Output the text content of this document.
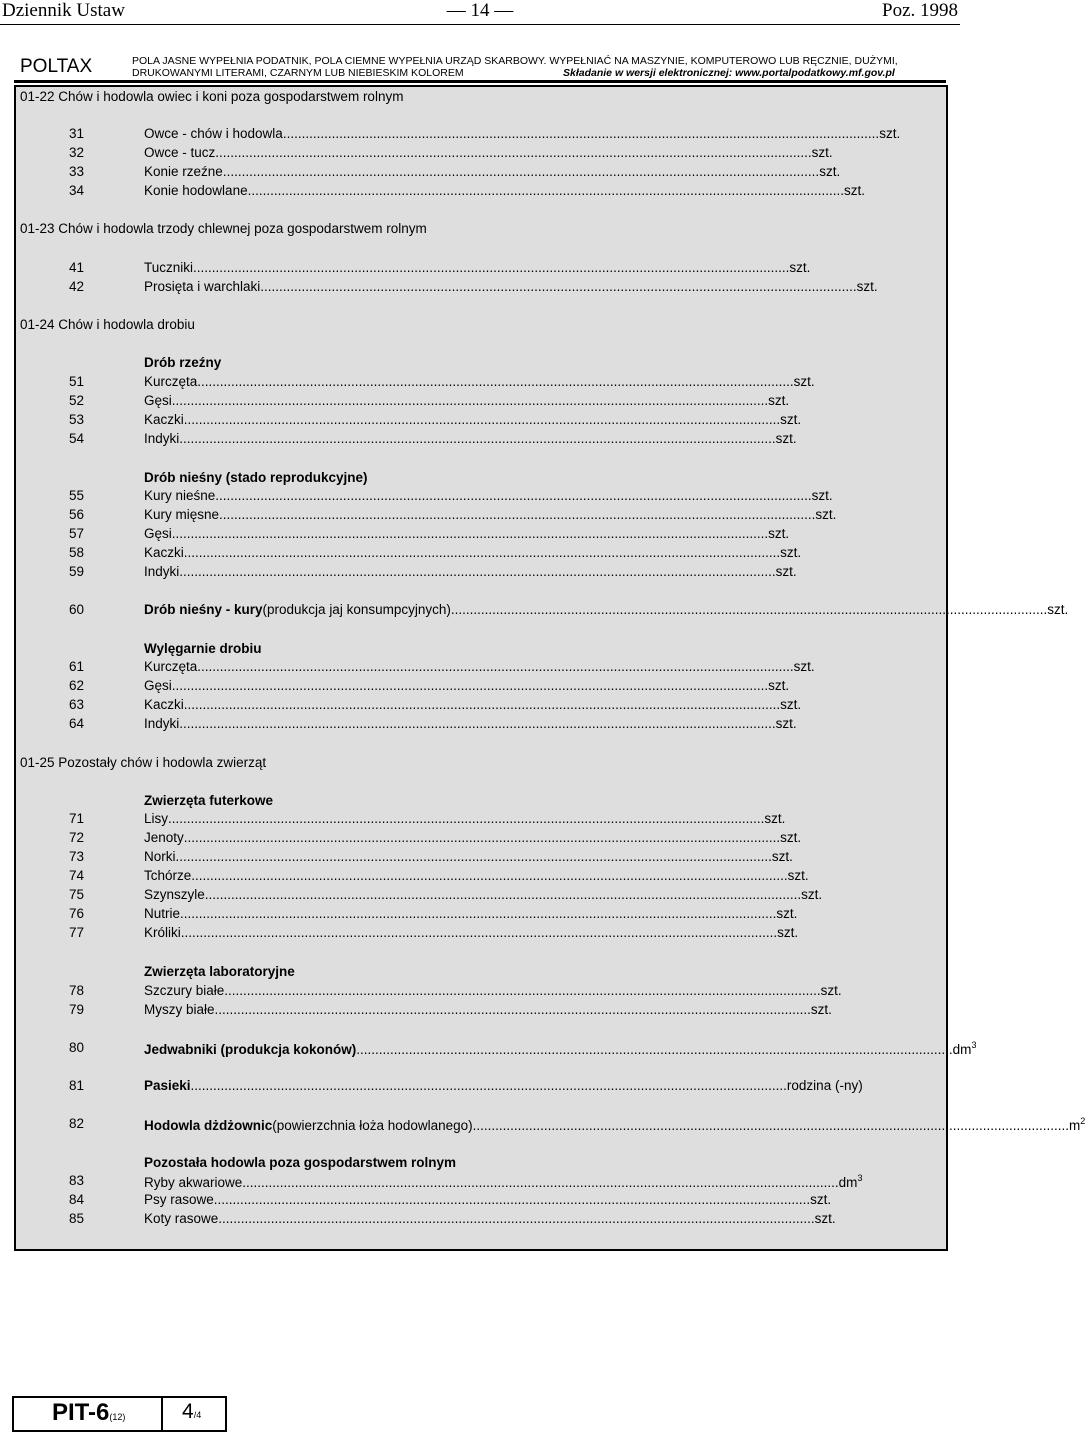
Dziennik Ustaw	— 14 —	Poz. 1998
POLTAX	POLA JASNE WYPEŁNIA PODATNIK, POLA CIEMNE WYPEŁNIA URZĄD SKARBOWY. WYPEŁNIAĆ NA MASZYNIE, KOMPUTEROWO LUB RĘCZNIE, DUŻYMI,
DRUKOWANYMI LITERAMI, CZARNYM LUB NIEBIESKIM KOLOREM	Składanie w wersji elektronicznej: www.portalpodatkowy.mf.gov.pl
01-22 Chów i hodowla owiec i koni poza gospodarstwem rolnym
01-23 Chów i hodowla trzody chlewnej poza gospodarstwem rolnym
01-24 Chów i hodowla drobiu
01-25 Pozostały chów i hodowla zwierząt
Drób rzeźny
Drób nieśny (stado reprodukcyjne)
Wylęgarnie drobiu
Zwierzęta futerkowe
Zwierzęta laboratoryjne
Pozostała hodowla poza gospodarstwem rolnym
31	Owce - chów i hodowla ............................................................................................................................................................... szt.
32	Owce - tucz ............................................................................................................................................................... szt.
33	Konie rzeźne ............................................................................................................................................................... szt.
34	Konie hodowlane ............................................................................................................................................................... szt.
41	Tuczniki ............................................................................................................................................................... szt.
42	Prosięta i warchlaki ............................................................................................................................................................... szt.
51	Kurczęta ............................................................................................................................................................... szt.
52	Gęsi ............................................................................................................................................................... szt.
53	Kaczki ............................................................................................................................................................... szt.
54	Indyki ............................................................................................................................................................... szt.
55	Kury nieśne ............................................................................................................................................................... szt.
56	Kury mięsne ............................................................................................................................................................... szt.
57	Gęsi ............................................................................................................................................................... szt.
58	Kaczki ............................................................................................................................................................... szt.
59	Indyki ............................................................................................................................................................... szt.
60	Drób nieśny - kury (produkcja jaj konsumpcyjnych) ............................................................................................................................................................... szt.
61	Kurczęta ............................................................................................................................................................... szt.
62	Gęsi ............................................................................................................................................................... szt.
63	Kaczki ............................................................................................................................................................... szt.
64	Indyki ............................................................................................................................................................... szt.
71	Lisy ............................................................................................................................................................... szt.
72	Jenoty ............................................................................................................................................................... szt.
73	Norki ............................................................................................................................................................... szt.
74	Tchórze ............................................................................................................................................................... szt.
75	Szynszyle ............................................................................................................................................................... szt.
76	Nutrie ............................................................................................................................................................... szt.
77	Króliki ............................................................................................................................................................... szt.
78	Szczury białe ............................................................................................................................................................... szt.
79	Myszy białe ............................................................................................................................................................... szt.
80	Jedwabniki (produkcja kokonów) ............................................................................................................................................................... $dm^3$
81	Pasieki ............................................................................................................................................................... rodzina (-ny)
82	Hodowla dżdżownic (powierzchnia łoża hodowlanego) ............................................................................................................................................................... $m^2$
83	Ryby akwariowe ............................................................................................................................................................... $dm^3$
84	Psy rasowe ............................................................................................................................................................... szt.
85	Koty rasowe ............................................................................................................................................................... szt.
PIT-6(12)	4/4
